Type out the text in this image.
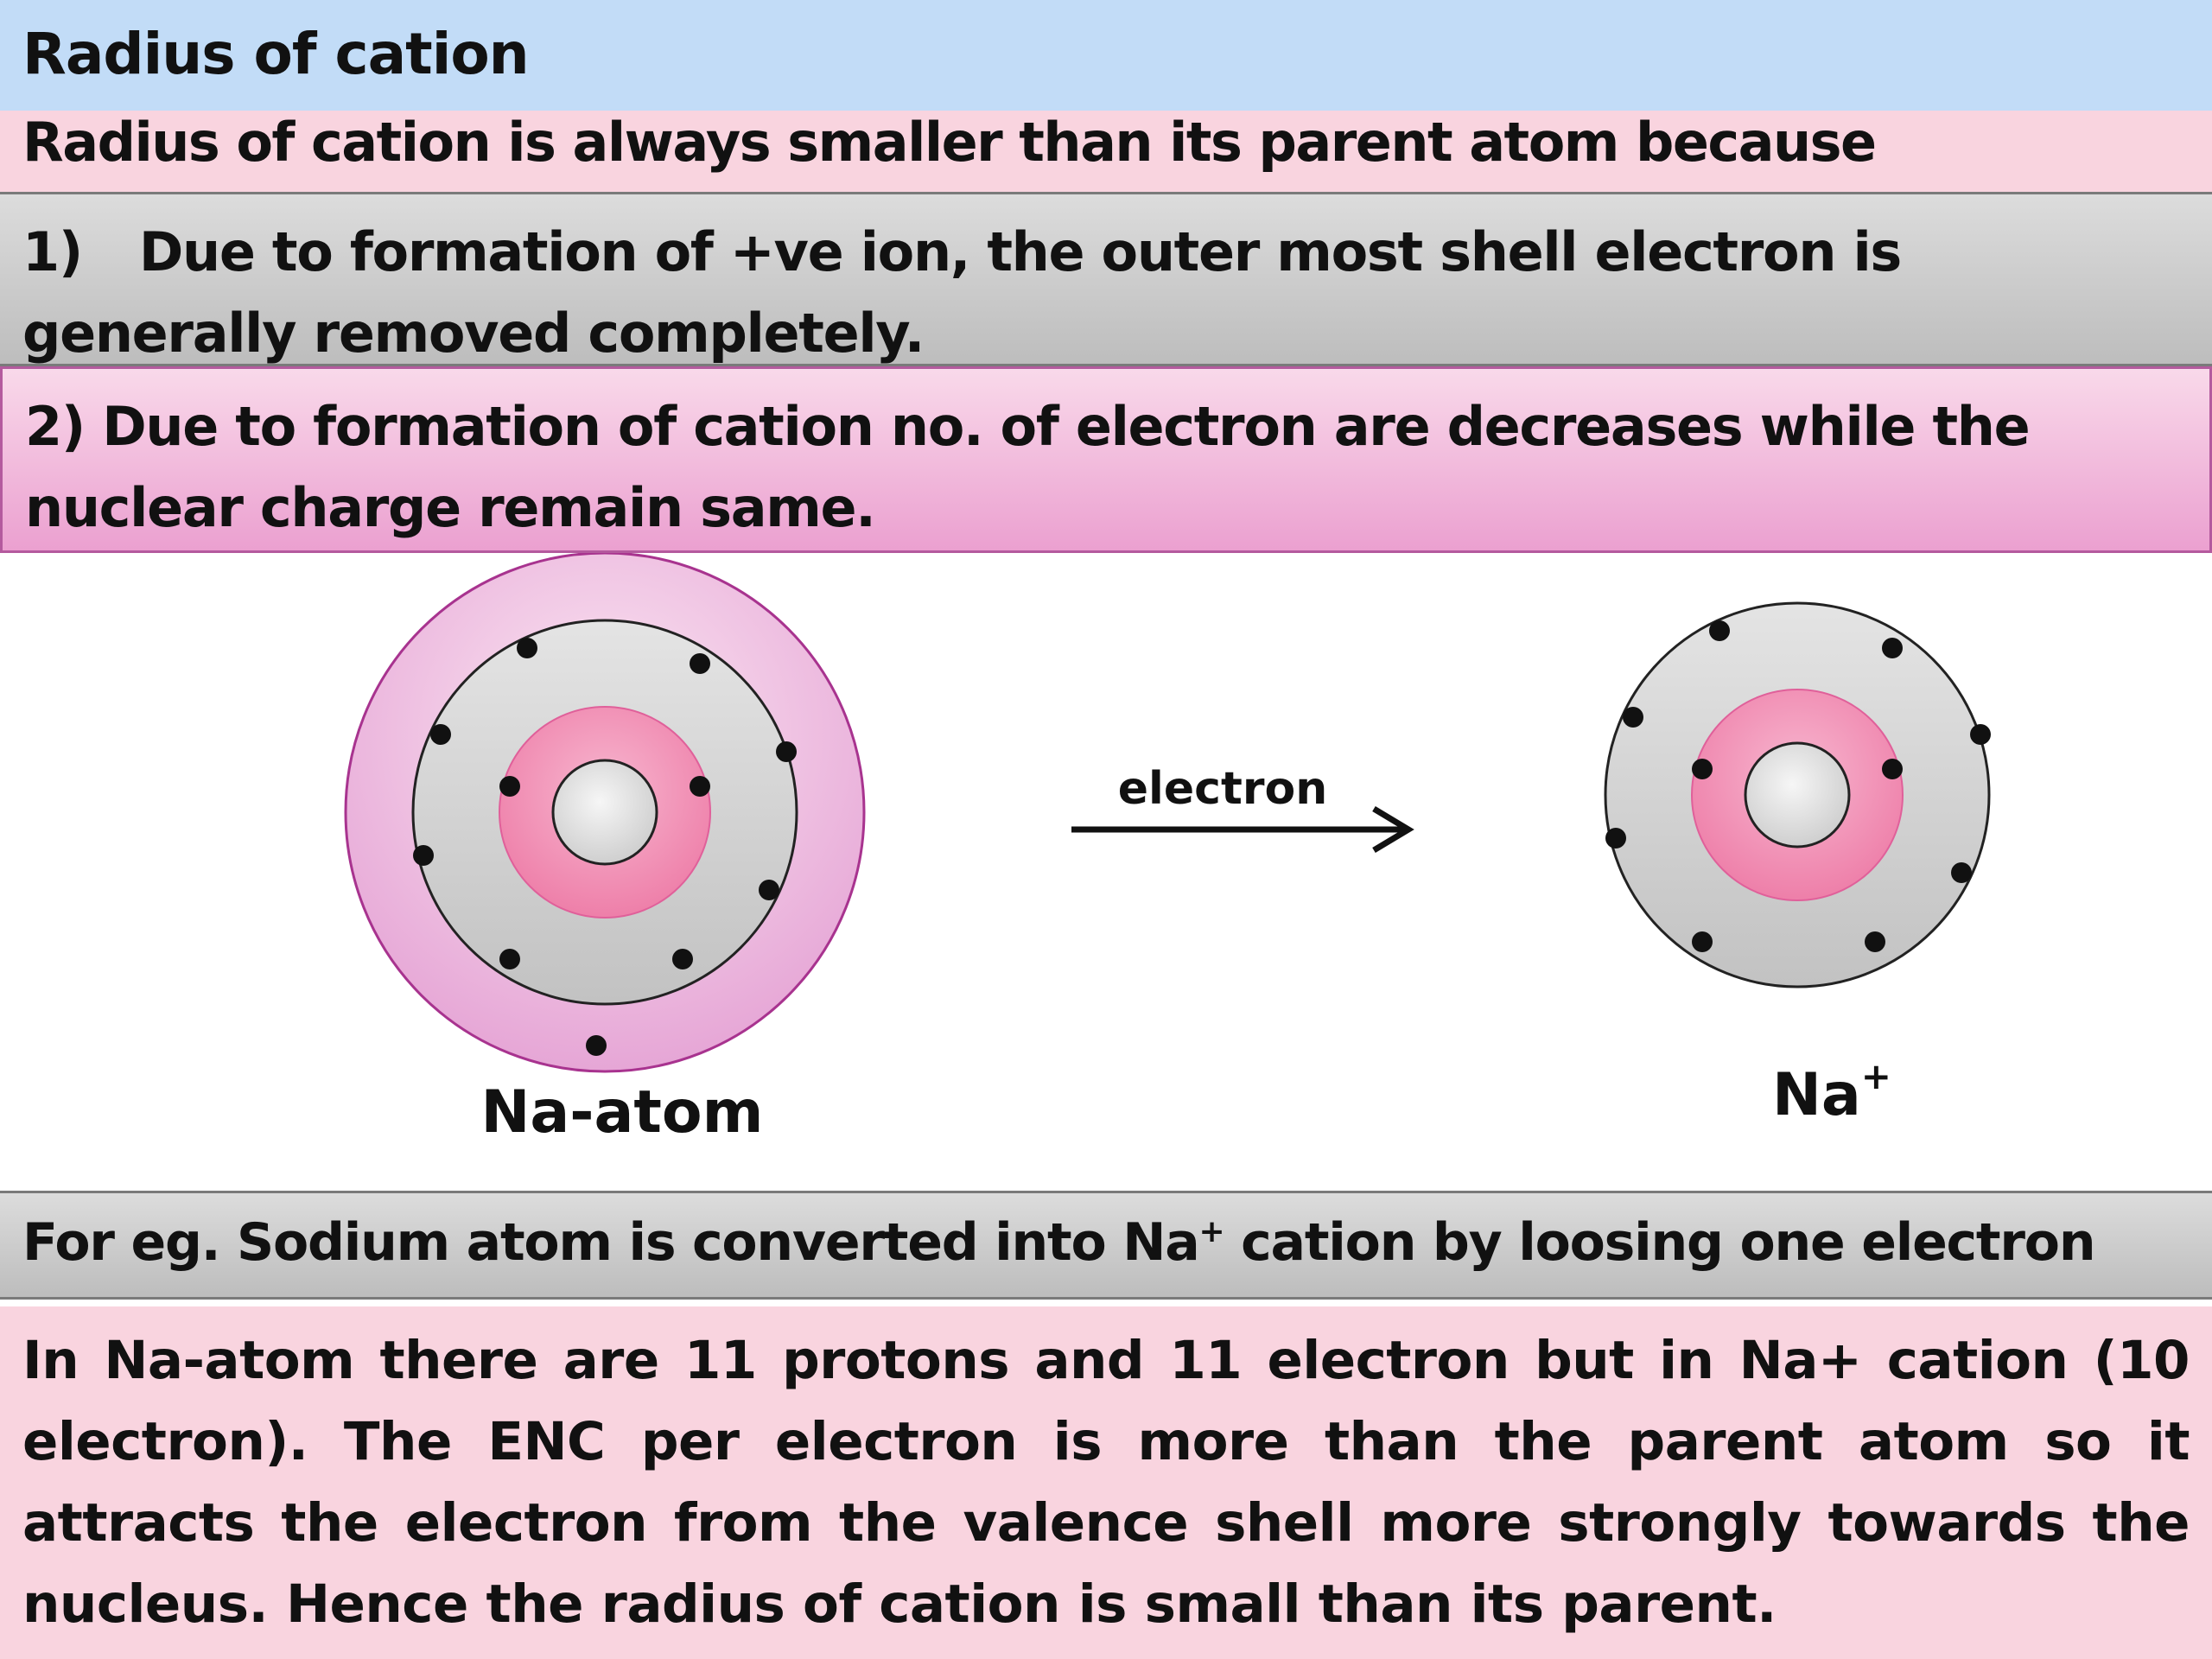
Radius of cation
Radius of cation is always smaller than its parent atom because
1) Due to formation of +ve ion, the outer most shell electron is generally removed completely.
2) Due to formation of cation no. of electron are decreases while the nuclear charge remain same.
electron
Na-atom	Na+
For eg. Sodium atom is converted into Na+ cation by loosing one electron
In Na-atom there are 11 protons and 11 electron but in Na+ cation (10 electron). The ENC per electron is more than the parent atom so it attracts the electron from the valence shell more strongly towards the nucleus. Hence the radius of cation is small than its parent.
